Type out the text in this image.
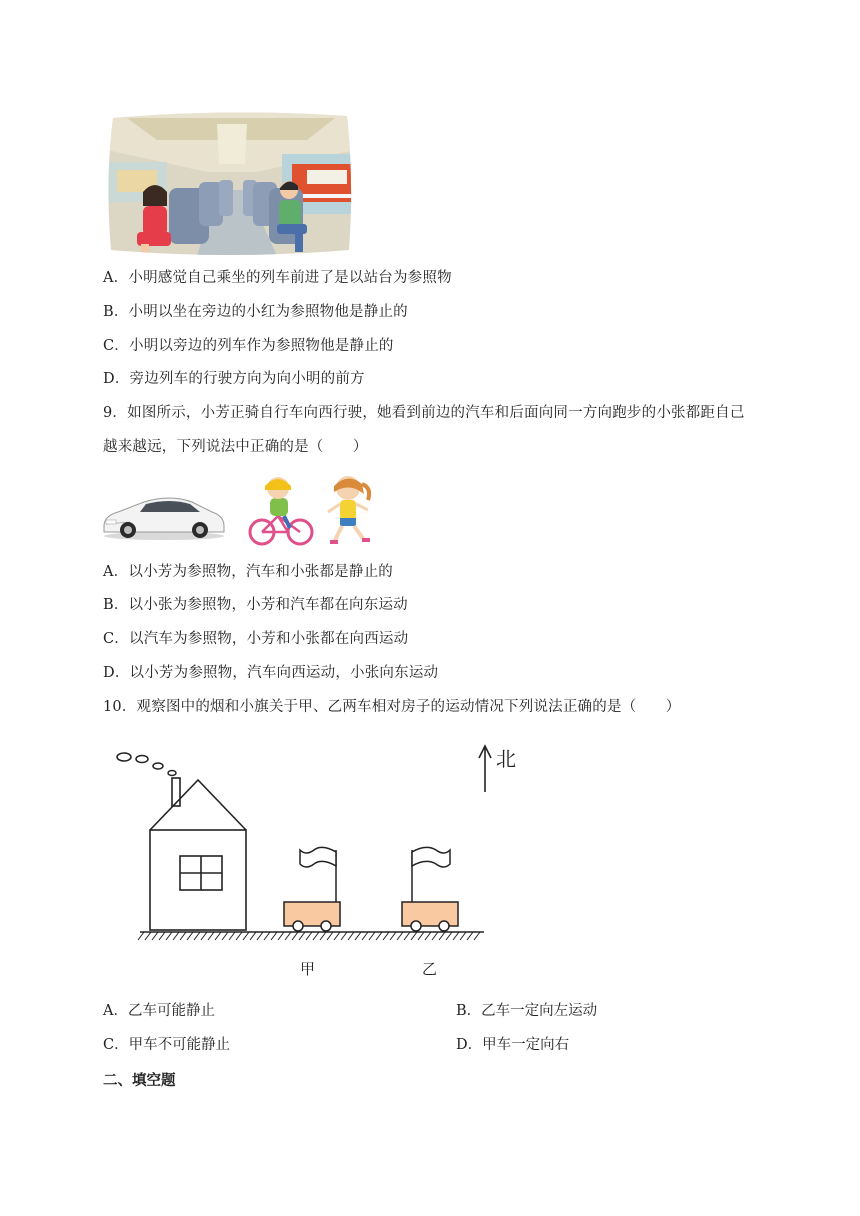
A．小明感觉自己乘坐的列车前进了是以站台为参照物
B．小明以坐在旁边的小红为参照物他是静止的
C．小明以旁边的列车作为参照物他是静止的
D．旁边列车的行驶方向为向小明的前方
9．如图所示，小芳正骑自行车向西行驶，她看到前边的汽车和后面向同一方向跑步的小张都距自己
越来越远，下列说法中正确的是（　　）
A．以小芳为参照物，汽车和小张都是静止的
B．以小张为参照物，小芳和汽车都在向东运动
C．以汽车为参照物，小芳和小张都在向西运动
D．以小芳为参照物，汽车向西运动，小张向东运动
10．观察图中的烟和小旗关于甲、乙两车相对房子的运动情况下列说法正确的是（　　）
北
甲	乙
A．乙车可能静止	B．乙车一定向左运动
C．甲车不可能静止	D．甲车一定向右
二、填空题
